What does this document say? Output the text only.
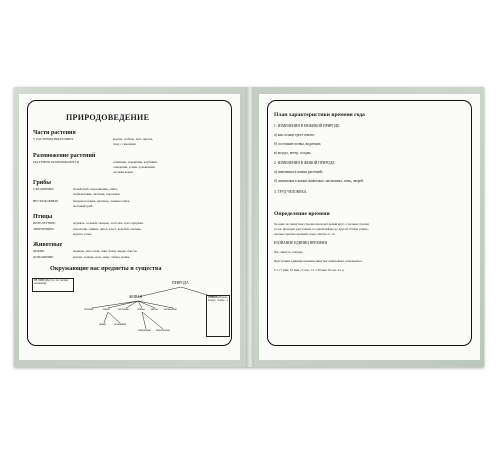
ПРИРОДОВЕДЕНИЕ
Части растения
У РАСТЕНИЯ ВЫДЕЛЯЮТ	корень, стебель, лист, цветок,
плод с семенами.
Размножение растений
РАСТЕНИЯ РАЗМНОЖАЮТСЯ	семенами, черенками, клубнями,
отводками, усами, луковицами,
частями корня.
Грибы
СЪЕДОБНЫЕ:	белый гриб, подосиновик, опята,
подберезовик, лисички, сыроежки.
НЕСЪЕДОБНЫЕ:	бледная поганка, мухомор, ложные опята,
желчный гриб.
Птицы
ПЕРЕЛЕТНЫЕ:	журавль, соловей, скворец, ласточка, грач, кукушка.
ЗИМУЮЩИЕ:	поползень, синица, дятел, клест, воробей, снегирь,
ворона, галка.
Животные
ДИКИЕ:	медведь, лиса, волк, заяц, белка, выдра, барсук.
ДОМАШНИЕ:	корова, лошадь, коза, овца, собака, кошка.
Окружающие нас предметы и существа
НЕ ПРИРОДА (то, что создано человеком)	ПРИРОДА
ЖИВАЯ	НЕЖИВАЯ (вода, воздух, солнце…)
человек	звери	растения	птицы рыбы насекомые
дикие	домашние
зимующие перелетные
План характеристики времени года
1. ИЗМЕНЕНИЯ В НЕЖИВОЙ ПРИРОДЕ:
а) как солнце греет землю;
б) состояние почвы, водоемов;
в) воздух, ветер, осадки.
2. ИЗМЕНЕНИЯ В ЖИВОЙ ПРИРОДЕ:
а) изменения в жизни растений;
б) изменения в жизни животных: насекомых, птиц, зверей.
3. ТРУД ЧЕЛОВЕКА.
Определение времени
За один час минутная стрелка проходит целый круг, а часовая стрелка
за час проходит расстояние от одной цифры до другой. Чтобы узнать,
сколько прошло времени, надо считать от 12.
НАЗВАНИЕ ЕДИНИЦ ВРЕМЕНИ
Час, минута, секунда.
При чтении единицы времени минутки записывают сокращенно:
5 ч 17 мин; 10 мин 15 сек.; 12 ч 30 мин 10 сек. и т.д.
